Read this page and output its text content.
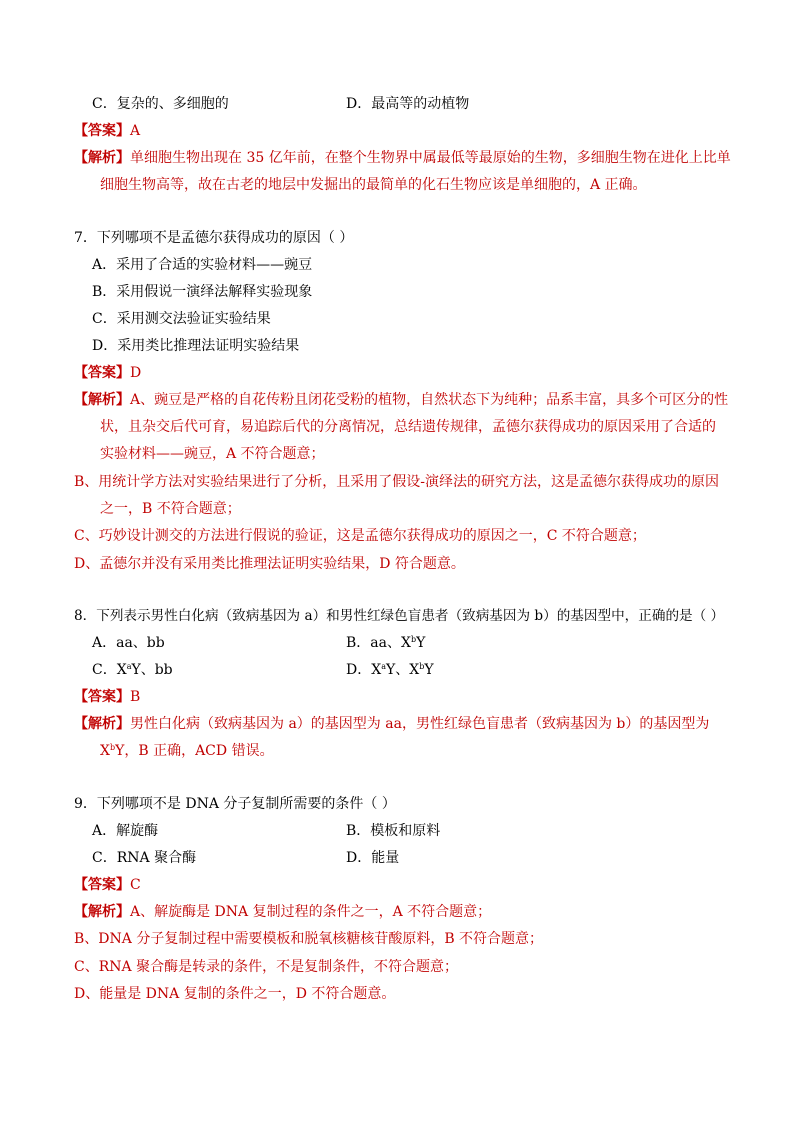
C．复杂的、多细胞的	D．最高等的动植物
【答案】A
【解析】单细胞生物出现在 35 亿年前，在整个生物界中属最低等最原始的生物，多细胞生物在进化上比单
细胞生物高等，故在古老的地层中发掘出的最简单的化石生物应该是单细胞的，A 正确。
7．下列哪项不是孟德尔获得成功的原因（ ）
A．采用了合适的实验材料——豌豆
B．采用假说一演绎法解释实验现象
C．采用测交法验证实验结果
D．采用类比推理法证明实验结果
【答案】D
【解析】A、豌豆是严格的自花传粉且闭花受粉的植物，自然状态下为纯种；品系丰富，具多个可区分的性
状，且杂交后代可育，易追踪后代的分离情况，总结遗传规律，孟德尔获得成功的原因采用了合适的
实验材料——豌豆，A 不符合题意；
B、用统计学方法对实验结果进行了分析，且采用了假设-演绎法的研究方法，这是孟德尔获得成功的原因
之一，B 不符合题意；
C、巧妙设计测交的方法进行假说的验证，这是孟德尔获得成功的原因之一，C 不符合题意；
D、孟德尔并没有采用类比推理法证明实验结果，D 符合题意。
8．下列表示男性白化病（致病基因为 a）和男性红绿色盲患者（致病基因为 b）的基因型中，正确的是（ ）
A．aa、bb	B．aa、$X^bY$
C．$X^aY$、bb	D．$X^aY$、$X^bY$
【答案】B
【解析】男性白化病（致病基因为 a）的基因型为 aa，男性红绿色盲患者（致病基因为 b）的基因型为
$X^bY$，B 正确，ACD 错误。
9．下列哪项不是 DNA 分子复制所需要的条件（ ）
A．解旋酶	B．模板和原料
C．RNA 聚合酶	D．能量
【答案】C
【解析】A、解旋酶是 DNA 复制过程的条件之一，A 不符合题意；
B、DNA 分子复制过程中需要模板和脱氧核糖核苷酸原料，B 不符合题意；
C、RNA 聚合酶是转录的条件，不是复制条件，不符合题意；
D、能量是 DNA 复制的条件之一，D 不符合题意。
